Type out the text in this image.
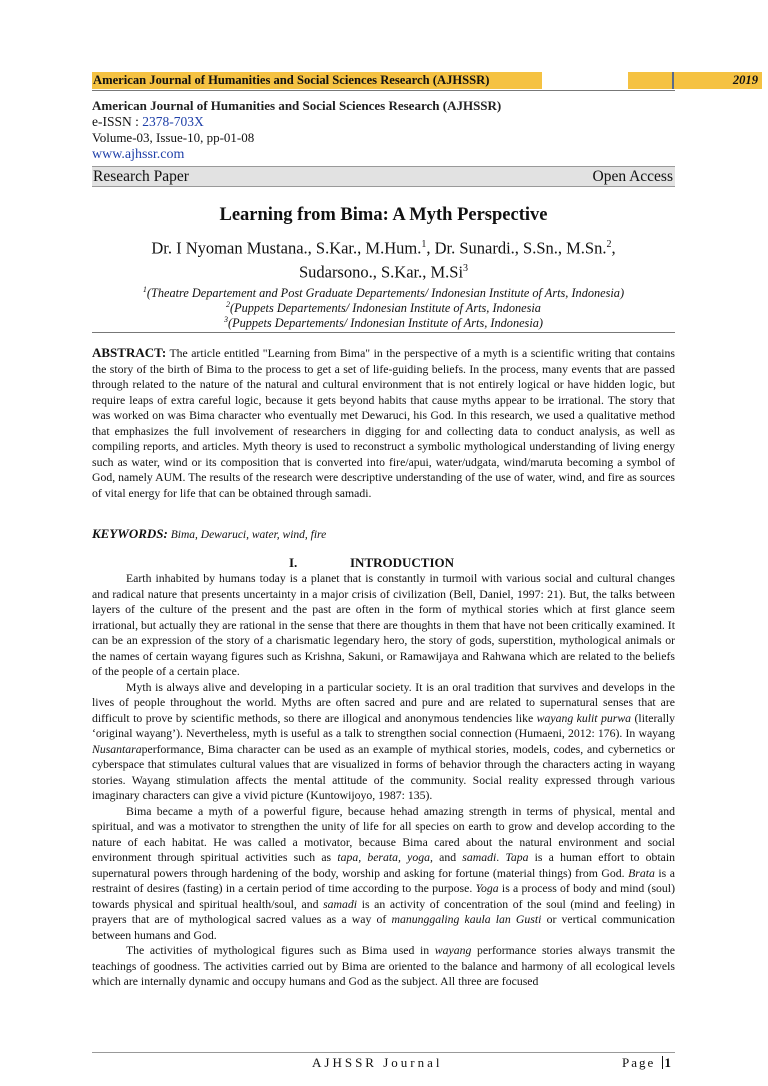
American Journal of Humanities and Social Sciences Research (AJHSSR)	2019
American Journal of Humanities and Social Sciences Research (AJHSSR)
e-ISSN : 2378-703X
Volume-03, Issue-10, pp-01-08
www.ajhssr.com
Research Paper	Open Access
Learning from Bima: A Myth Perspective
Dr. I Nyoman Mustana., S.Kar., M.Hum.$^1$, Dr. Sunardi., S.Sn., M.Sn.$^2$,
Sudarsono., S.Kar., M.Si$^3$
$^1$(Theatre Departement and Post Graduate Departements/ Indonesian Institute of Arts, Indonesia)
$^2$(Puppets Departements/ Indonesian Institute of Arts, Indonesia
$^3$(Puppets Departements/ Indonesian Institute of Arts, Indonesia)

ABSTRACT: The article entitled "Learning from Bima" in the perspective of a myth is a scientific writing that contains the story of the birth of Bima to the process to get a set of life-guiding beliefs. In the process, many events that are passed through related to the nature of the natural and cultural environment that is not entirely logical or have hidden logic, but require leaps of extra careful logic, because it gets beyond habits that cause myths appear to be irrational. The story that was worked on was Bima character who eventually met Dewaruci, his God. In this research, we used a qualitative method that emphasizes the full involvement of researchers in digging for and collecting data to conduct analysis, as well as compiling reports, and articles. Myth theory is used to reconstruct a symbolic mythological understanding of living energy such as water, wind or its composition that is converted into fire/apui, water/udgata, wind/maruta becoming a symbol of God, namely AUM. The results of the research were descriptive understanding of the use of water, wind, and fire as sources of vital energy for life that can be obtained through samadi.

KEYWORDS: Bima, Dewaruci, water, wind, fire

I.	INTRODUCTION

Earth inhabited by humans today is a planet that is constantly in turmoil with various social and cultural changes and radical nature that presents uncertainty in a major crisis of civilization (Bell, Daniel, 1997: 21). But, the talks between layers of the culture of the present and the past are often in the form of mythical stories which at first glance seem irrational, but actually they are rational in the sense that there are thoughts in them that have not been critically examined. It can be an expression of the story of a charismatic legendary hero, the story of gods, superstition, mythological animals or the names of certain wayang figures such as Krishna, Sakuni, or Ramawijaya and Rahwana which are related to the beliefs of the people of a certain place.

Myth is always alive and developing in a particular society. It is an oral tradition that survives and develops in the lives of people throughout the world. Myths are often sacred and pure and are related to supernatural senses that are difficult to prove by scientific methods, so there are illogical and anonymous tendencies like wayang kulit purwa (literally ‘original wayang’). Nevertheless, myth is useful as a talk to strengthen social connection (Humaeni, 2012: 176). In wayang Nusantaraperformance, Bima character can be used as an example of mythical stories, models, codes, and cybernetics or cyberspace that stimulates cultural values that are visualized in forms of behavior through the characters acting in wayang stories. Wayang stimulation affects the mental attitude of the community. Social reality expressed through various imaginary characters can give a vivid picture (Kuntowijoyo, 1987: 135).

Bima became a myth of a powerful figure, because hehad amazing strength in terms of physical, mental and spiritual, and was a motivator to strengthen the unity of life for all species on earth to grow and develop according to the nature of each habitat. He was called a motivator, because Bima cared about the natural environment and social environment through spiritual activities such as tapa, berata, yoga, and samadi. Tapa is a human effort to obtain supernatural powers through hardening of the body, worship and asking for fortune (material things) from God. Brata is a restraint of desires (fasting) in a certain period of time according to the purpose. Yoga is a process of body and mind (soul) towards physical and spiritual health/soul, and samadi is an activity of concentration of the soul (mind and feeling) in prayers that are of mythological sacred values as a way of manunggaling kaula lan Gusti or vertical communication between humans and God.

The activities of mythological figures such as Bima used in wayang performance stories always transmit the teachings of goodness. The activities carried out by Bima are oriented to the balance and harmony of all ecological levels which are internally dynamic and occupy humans and God as the subject. All three are focused

AJHSSR Journal	Page 1
